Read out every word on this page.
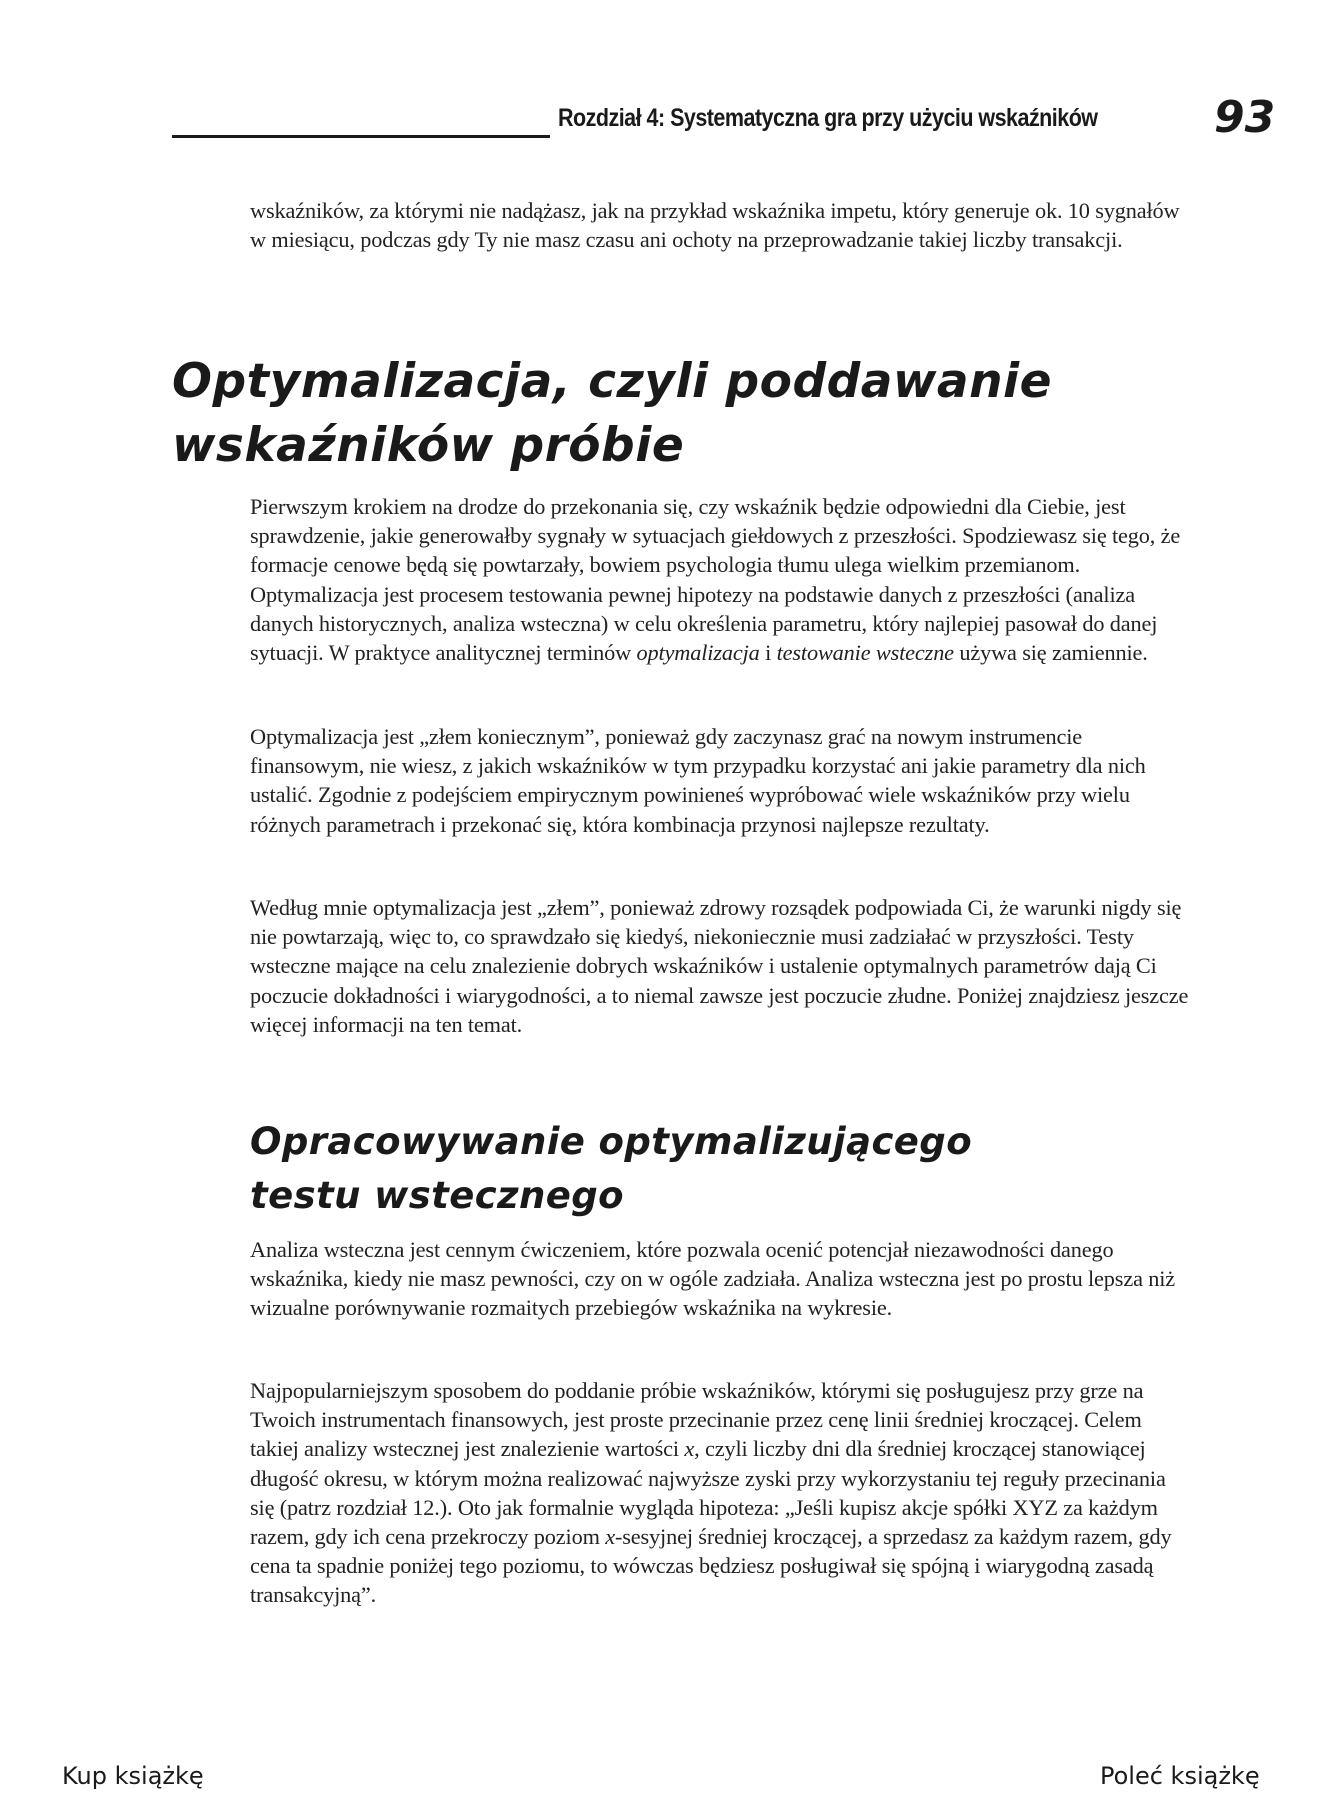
Rozdział 4: Systematyczna gra przy użyciu wskaźników	93

wskaźników, za którymi nie nadążasz, jak na przykład wskaźnika impetu, który generuje ok. 10 sygnałów w miesiącu, podczas gdy Ty nie masz czasu ani ochoty na przeprowadzanie takiej liczby transakcji.

Optymalizacja, czyli poddawanie
wskaźników próbie

Pierwszym krokiem na drodze do przekonania się, czy wskaźnik będzie odpowiedni dla Ciebie, jest sprawdzenie, jakie generowałby sygnały w sytuacjach giełdowych z przeszłości. Spodziewasz się tego, że formacje cenowe będą się powtarzały, bowiem psychologia tłumu ulega wielkim przemianom. Optymalizacja jest procesem testowania pewnej hipotezy na podstawie danych z przeszłości (analiza danych historycznych, analiza wsteczna) w celu określenia parametru, który najlepiej pasował do danej sytuacji. W praktyce analitycznej terminów optymalizacja i testowanie wsteczne używa się zamiennie.

Optymalizacja jest „złem koniecznym”, ponieważ gdy zaczynasz grać na nowym instrumencie finansowym, nie wiesz, z jakich wskaźników w tym przypadku korzystać ani jakie parametry dla nich ustalić. Zgodnie z podejściem empirycznym powinieneś wypróbować wiele wskaźników przy wielu różnych parametrach i przekonać się, która kombinacja przynosi najlepsze rezultaty.

Według mnie optymalizacja jest „złem”, ponieważ zdrowy rozsądek podpowiada Ci, że warunki nigdy się nie powtarzają, więc to, co sprawdzało się kiedyś, niekoniecznie musi zadziałać w przyszłości. Testy wsteczne mające na celu znalezienie dobrych wskaźników i ustalenie optymalnych parametrów dają Ci poczucie dokładności i wiarygodności, a to niemal zawsze jest poczucie złudne. Poniżej znajdziesz jeszcze więcej informacji na ten temat.

Opracowywanie optymalizującego
testu wstecznego

Analiza wsteczna jest cennym ćwiczeniem, które pozwala ocenić potencjał niezawodności danego wskaźnika, kiedy nie masz pewności, czy on w ogóle zadziała. Analiza wsteczna jest po prostu lepsza niż wizualne porównywanie rozmaitych przebiegów wskaźnika na wykresie.

Najpopularniejszym sposobem do poddanie próbie wskaźników, którymi się posługujesz przy grze na Twoich instrumentach finansowych, jest proste przecinanie przez cenę linii średniej kroczącej. Celem takiej analizy wstecznej jest znalezienie wartości x, czyli liczby dni dla średniej kroczącej stanowiącej długość okresu, w którym można realizować najwyższe zyski przy wykorzystaniu tej reguły przecinania się (patrz rozdział 12.). Oto jak formalnie wygląda hipoteza: „Jeśli kupisz akcje spółki XYZ za każdym razem, gdy ich cena przekroczy poziom x-sesyjnej średniej kroczącej, a sprzedasz za każdym razem, gdy cena ta spadnie poniżej tego poziomu, to wówczas będziesz posługiwał się spójną i wiarygodną zasadą transakcyjną”.

Kup książkę	Poleć książkę
